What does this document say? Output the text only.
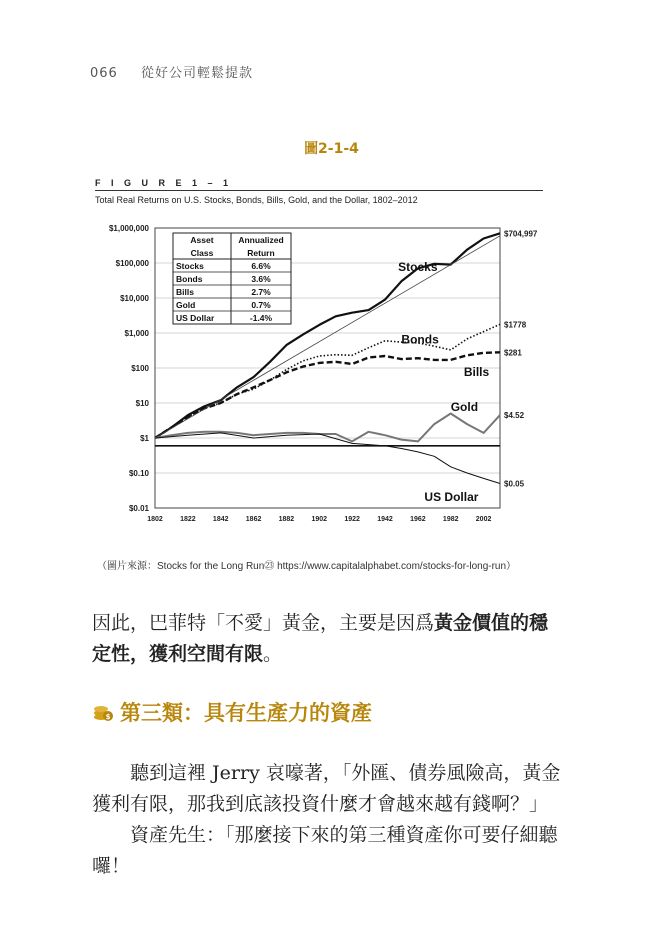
066 從好公司輕鬆提款
圖2-1-4
F I G U R E 1 – 1
Total Real Returns on U.S. Stocks, Bonds, Bills, Gold, and the Dollar, 1802–2012
$1,000,000
$100,000
$10,000
$1,000
$100
$10
$1
$0.10
$0.01
1802 1822 1842 1862 1882 1902 1922 1942 1962 1982 2002
$704,997
$1778
$281
$4.52
$0.05
Stocks
Bonds
Bills
Gold
US Dollar
Asset
Class
Annualized
Return
Stocks	6.6%
Bonds	3.6%
Bills	2.7%
Gold	0.7%
US Dollar	-1.4%
（圖片來源：Stocks for the Long Run㉓ https://www.capitalalphabet.com/stocks-for-long-run）
因此，巴菲特「不愛」黃金，主要是因爲黃金價值的穩定性，獲利空間有限。
$ 第三類：具有生產力的資產
聽到這裡 Jerry 哀嚎著，「外匯、債券風險高，黃金獲利有限，那我到底該投資什麼才會越來越有錢啊？」
資產先生：「那麼接下來的第三種資產你可要仔細聽囉！
